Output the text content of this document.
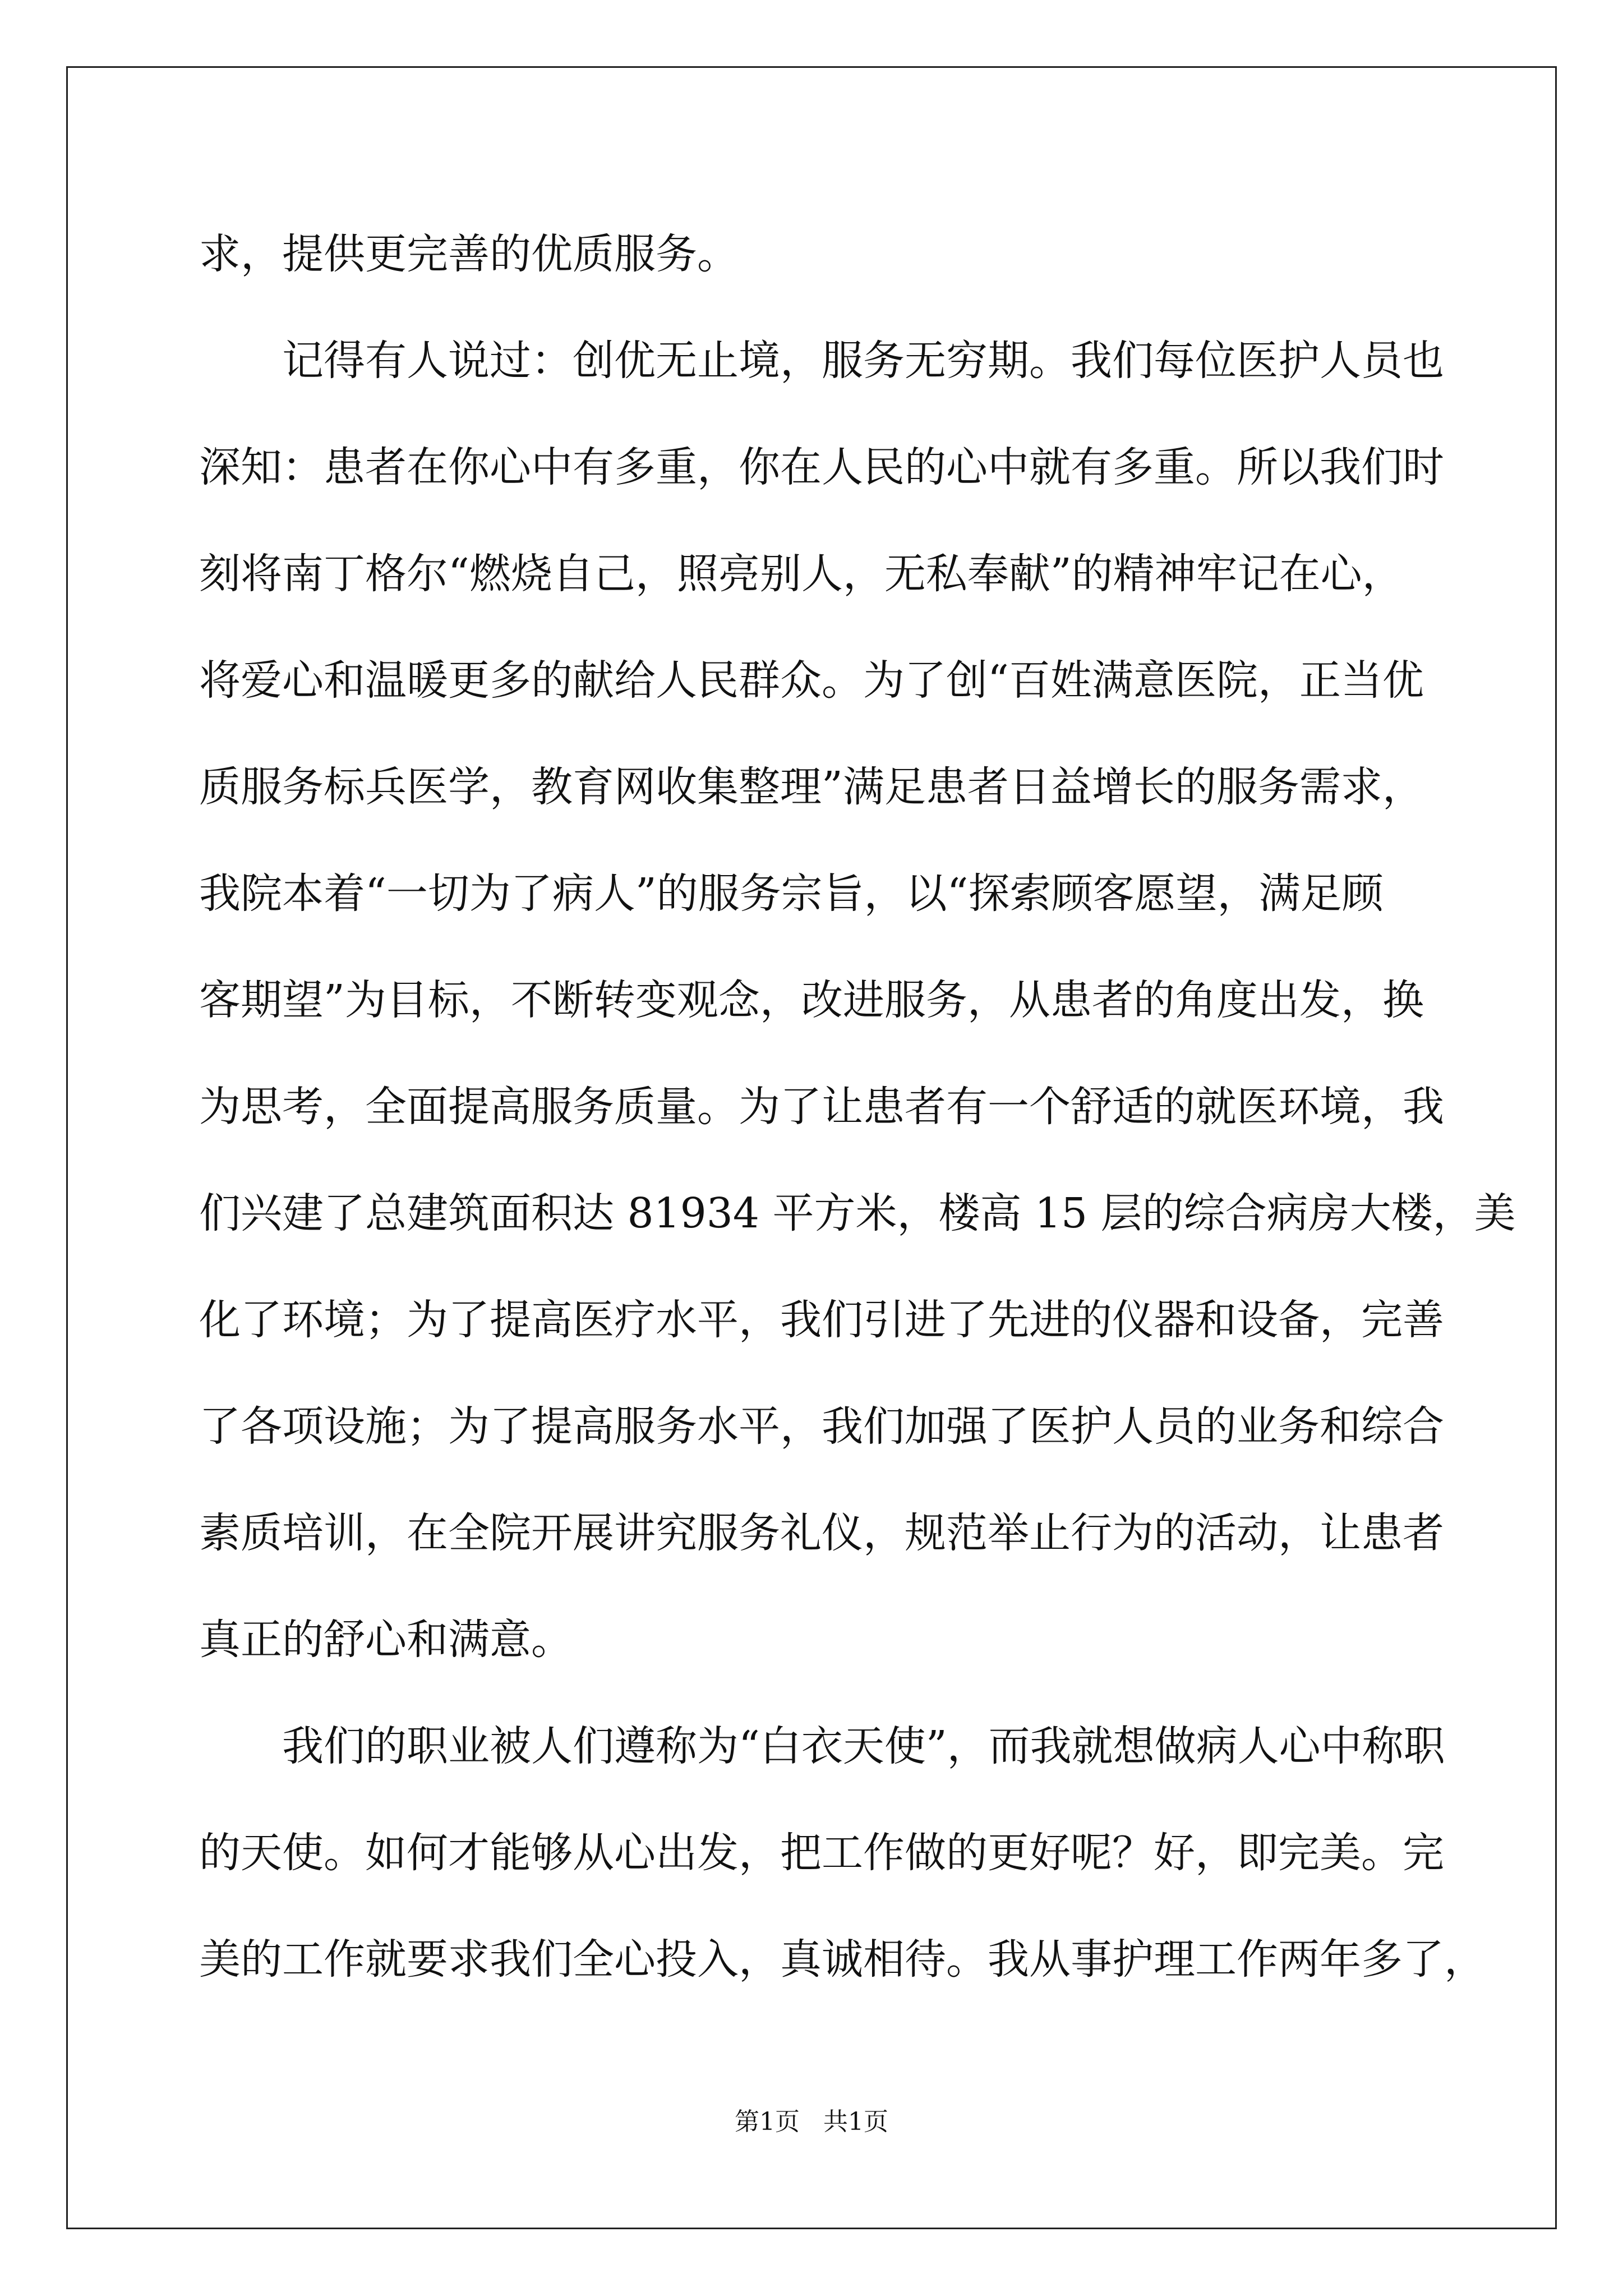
求，提供更完善的优质服务。
　　记得有人说过：创优无止境，服务无穷期。我们每位医护人员也
深知：患者在你心中有多重，你在人民的心中就有多重。所以我们时
刻将南丁格尔“燃烧自己，照亮别人，无私奉献”的精神牢记在心，
将爱心和温暖更多的献给人民群众。为了创“百姓满意医院，正当优
质服务标兵医学，教育网收集整理”满足患者日益增长的服务需求，
我院本着“一切为了病人”的服务宗旨，以“探索顾客愿望，满足顾
客期望”为目标，不断转变观念，改进服务，从患者的角度出发，换
为思考，全面提高服务质量。为了让患者有一个舒适的就医环境，我
们兴建了总建筑面积达 81934 平方米，楼高 15 层的综合病房大楼，美
化了环境；为了提高医疗水平，我们引进了先进的仪器和设备，完善
了各项设施；为了提高服务水平，我们加强了医护人员的业务和综合
素质培训，在全院开展讲究服务礼仪，规范举止行为的活动，让患者
真正的舒心和满意。
　　我们的职业被人们遵称为“白衣天使”，而我就想做病人心中称职
的天使。如何才能够从心出发，把工作做的更好呢？好，即完美。完
美的工作就要求我们全心投入，真诚相待。我从事护理工作两年多了，
第1页   共1页
